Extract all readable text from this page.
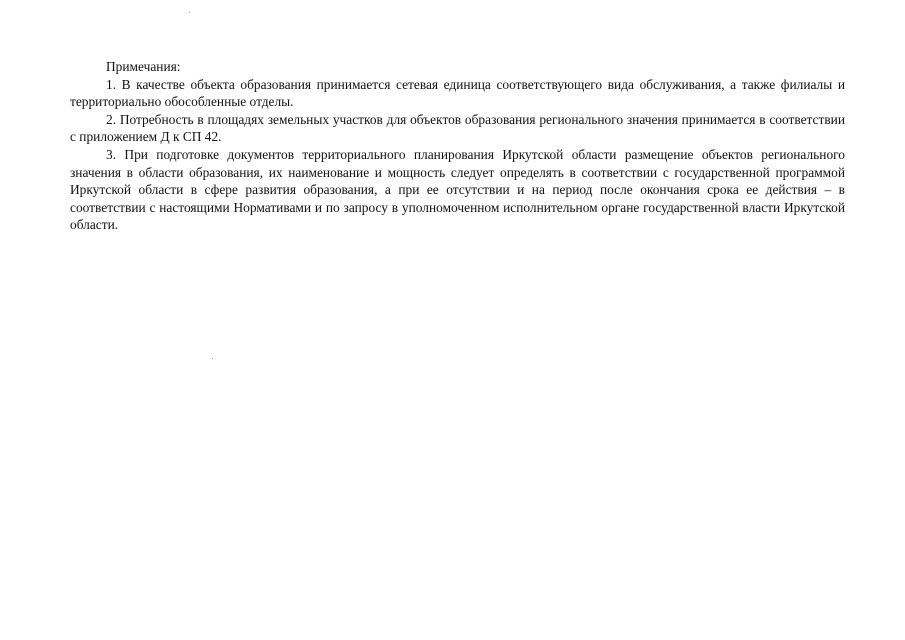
Примечания:

1. В качестве объекта образования принимается сетевая единица соответствующего вида обслуживания, а также филиалы и территориально обособленные отделы.

2. Потребность в площадях земельных участков для объектов образования регионального значения принимается в соответствии с приложением Д к СП 42.

3. При подготовке документов территориального планирования Иркутской области размещение объектов регионального значения в области образования, их наименование и мощность следует определять в соответствии с государственной программой Иркутской области в сфере развития образования, а при ее отсутствии и на период после окончания срока ее действия – в соответствии с настоящими Нормативами и по запросу в уполномоченном исполнительном органе государственной власти Иркутской области.
